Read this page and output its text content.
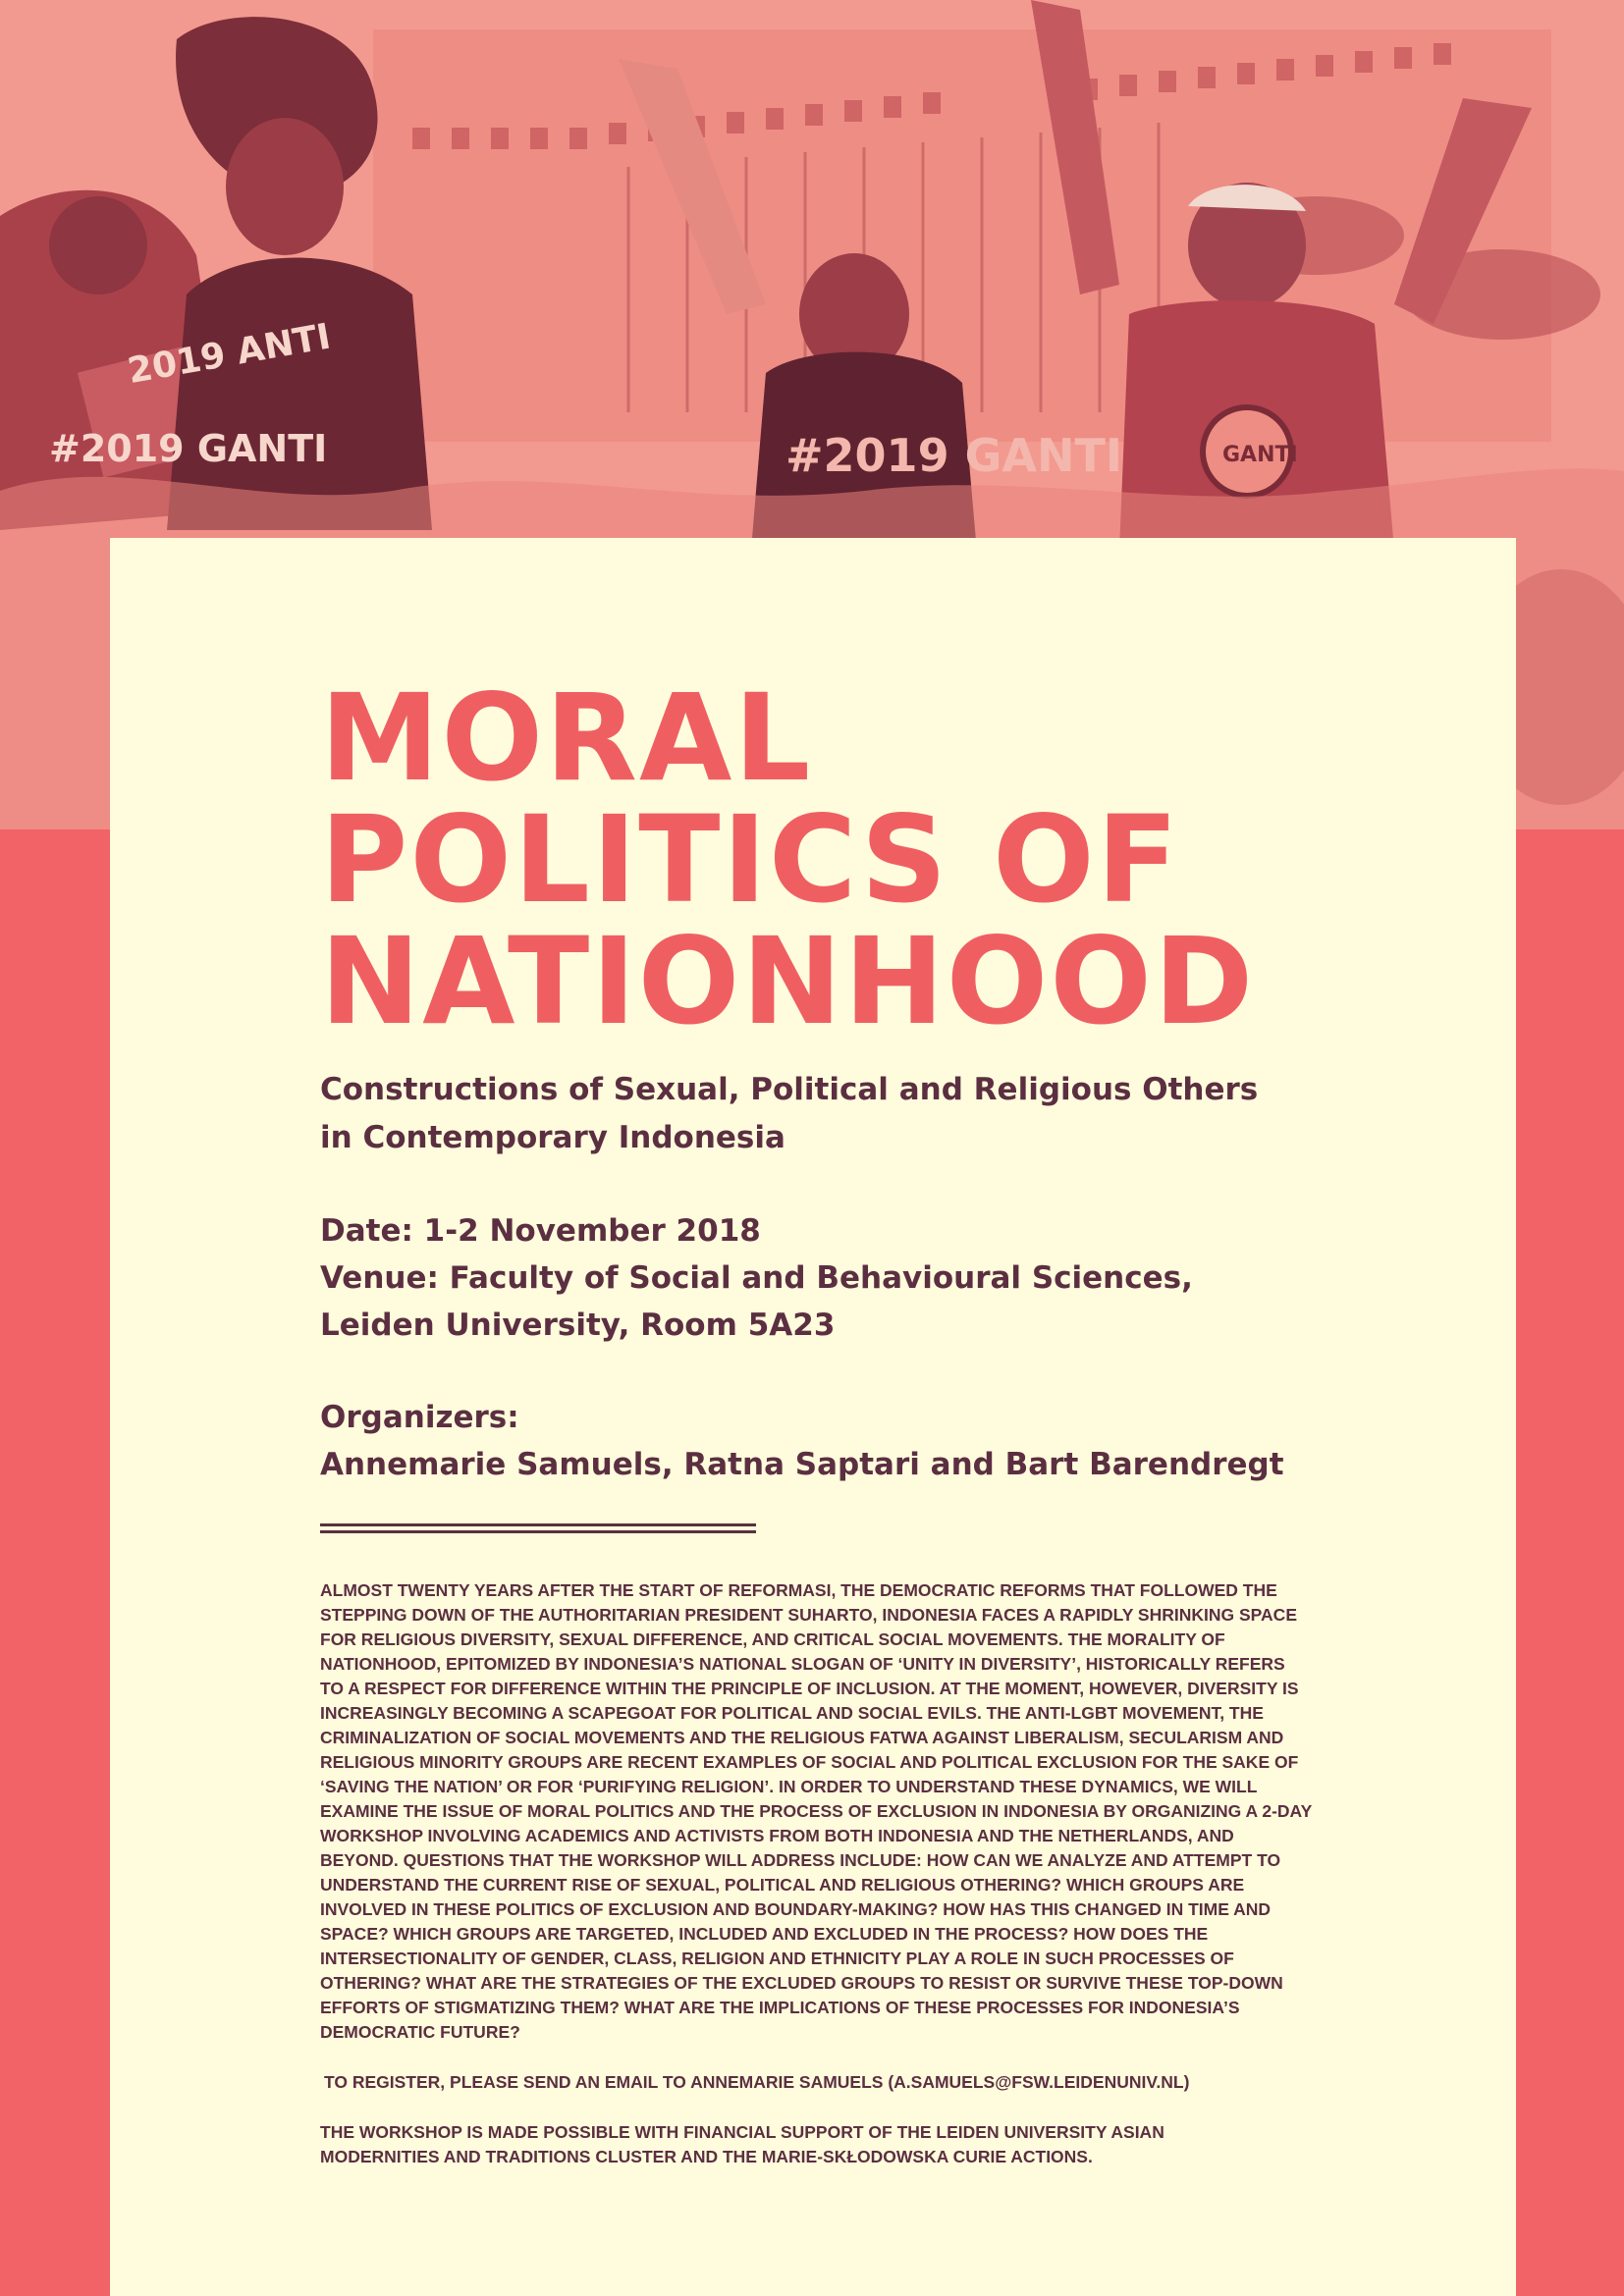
#2019 GANTI
2019 ANTI
#2019 GANTI	GANTI
MORAL
POLITICS OF
NATIONHOOD
Constructions of Sexual, Political and Religious Others in Contemporary Indonesia
Date: 1-2 November 2018
Venue: Faculty of Social and Behavioural Sciences, Leiden University, Room 5A23
Organizers:
Annemarie Samuels, Ratna Saptari and Bart Barendregt
ALMOST TWENTY YEARS AFTER THE START OF REFORMASI, THE DEMOCRATIC REFORMS THAT FOLLOWED THE STEPPING DOWN OF THE AUTHORITARIAN PRESIDENT SUHARTO, INDONESIA FACES A RAPIDLY SHRINKING SPACE FOR RELIGIOUS DIVERSITY, SEXUAL DIFFERENCE, AND CRITICAL SOCIAL MOVEMENTS. THE MORALITY OF NATIONHOOD, EPITOMIZED BY INDONESIA’S NATIONAL SLOGAN OF ‘UNITY IN DIVERSITY’, HISTORICALLY REFERS TO A RESPECT FOR DIFFERENCE WITHIN THE PRINCIPLE OF INCLUSION. AT THE MOMENT, HOWEVER, DIVERSITY IS INCREASINGLY BECOMING A SCAPEGOAT FOR POLITICAL AND SOCIAL EVILS. THE ANTI-LGBT MOVEMENT, THE CRIMINALIZATION OF SOCIAL MOVEMENTS AND THE RELIGIOUS FATWA AGAINST LIBERALISM, SECULARISM AND RELIGIOUS MINORITY GROUPS ARE RECENT EXAMPLES OF SOCIAL AND POLITICAL EXCLUSION FOR THE SAKE OF ‘SAVING THE NATION’ OR FOR ‘PURIFYING RELIGION’. IN ORDER TO UNDERSTAND THESE DYNAMICS, WE WILL EXAMINE THE ISSUE OF MORAL POLITICS AND THE PROCESS OF EXCLUSION IN INDONESIA BY ORGANIZING A 2-DAY WORKSHOP INVOLVING ACADEMICS AND ACTIVISTS FROM BOTH INDONESIA AND THE NETHERLANDS, AND BEYOND. QUESTIONS THAT THE WORKSHOP WILL ADDRESS INCLUDE: HOW CAN WE ANALYZE AND ATTEMPT TO UNDERSTAND THE CURRENT RISE OF SEXUAL, POLITICAL AND RELIGIOUS OTHERING? WHICH GROUPS ARE INVOLVED IN THESE POLITICS OF EXCLUSION AND BOUNDARY-MAKING? HOW HAS THIS CHANGED IN TIME AND SPACE? WHICH GROUPS ARE TARGETED, INCLUDED AND EXCLUDED IN THE PROCESS? HOW DOES THE INTERSECTIONALITY OF GENDER, CLASS, RELIGION AND ETHNICITY PLAY A ROLE IN SUCH PROCESSES OF OTHERING? WHAT ARE THE STRATEGIES OF THE EXCLUDED GROUPS TO RESIST OR SURVIVE THESE TOP-DOWN EFFORTS OF STIGMATIZING THEM? WHAT ARE THE IMPLICATIONS OF THESE PROCESSES FOR INDONESIA’S DEMOCRATIC FUTURE?
TO REGISTER, PLEASE SEND AN EMAIL TO ANNEMARIE SAMUELS (A.SAMUELS@FSW.LEIDENUNIV.NL)
THE WORKSHOP IS MADE POSSIBLE WITH FINANCIAL SUPPORT OF THE LEIDEN UNIVERSITY ASIAN MODERNITIES AND TRADITIONS CLUSTER AND THE MARIE-SKŁODOWSKA CURIE ACTIONS.
